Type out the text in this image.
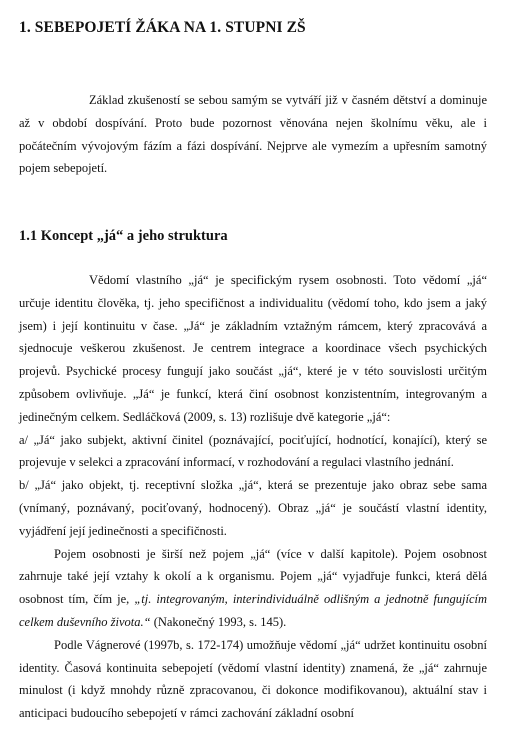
1. SEBEPOJETÍ ŽÁKA NA 1. STUPNI ZŠ

Základ zkušeností se sebou samým se vytváří již v časném dětství a dominuje až v období dospívání. Proto bude pozornost věnována nejen školnímu věku, ale i počátečním vývojovým fázím a fázi dospívání. Nejprve ale vymezím a upřesním samotný pojem sebepojetí.

1.1 Koncept „já“ a jeho struktura

Vědomí vlastního „já“ je specifickým rysem osobnosti. Toto vědomí „já“ určuje identitu člověka, tj. jeho specifičnost a individualitu (vědomí toho, kdo jsem a jaký jsem) i její kontinuitu v čase. „Já“ je základním vztažným rámcem, který zpracovává a sjednocuje veškerou zkušenost. Je centrem integrace a koordinace všech psychických projevů. Psychické procesy fungují jako součást „já“, které je v této souvislosti určitým způsobem ovlivňuje. „Já“ je funkcí, která činí osobnost konzistentním, integrovaným a jedinečným celkem. Sedláčková (2009, s. 13) rozlišuje dvě kategorie „já“:

a/ „Já“ jako subjekt, aktivní činitel (poznávající, pociťující, hodnotící, konající), který se projevuje v selekci a zpracování informací, v rozhodování a regulaci vlastního jednání.

b/ „Já“ jako objekt, tj. receptivní složka „já“, která se prezentuje jako obraz sebe sama (vnímaný, poznávaný, pociťovaný, hodnocený). Obraz „já“ je součástí vlastní identity, vyjádření její jedinečnosti a specifičnosti.

Pojem osobnosti je širší než pojem „já“ (více v další kapitole). Pojem osobnost zahrnuje také její vztahy k okolí a k organismu. Pojem „já“ vyjadřuje funkci, která dělá osobnost tím, čím je, „tj. integrovaným, interindividuálně odlišným a jednotně fungujícím celkem duševního života.“ (Nakonečný 1993, s. 145).

Podle Vágnerové (1997b, s. 172-174) umožňuje vědomí „já“ udržet kontinuitu osobní identity. Časová kontinuita sebepojetí (vědomí vlastní identity) znamená, že „já“ zahrnuje minulost (i když mnohdy různě zpracovanou, či dokonce modifikovanou), aktuální stav i anticipaci budoucího sebepojetí v rámci zachování základní osobní
